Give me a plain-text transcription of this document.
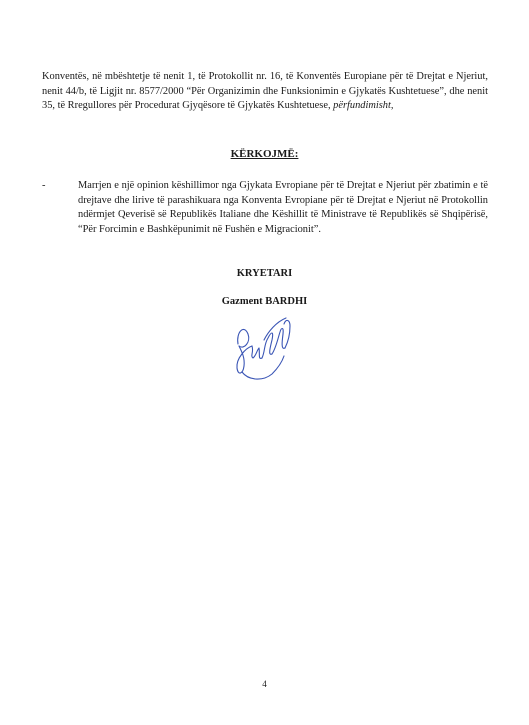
Konventës, në mbështetje të nenit 1, të Protokollit nr. 16, të Konventës Europiane për të Drejtat e Njeriut, nenit 44/b, të Ligjit nr. 8577/2000 “Për Organizimin dhe Funksionimin e Gjykatës Kushtetuese”, dhe nenit 35, të Rregullores për Procedurat Gjyqësore të Gjykatës Kushtetuese, përfundimisht,
KËRKOJMË:
-	Marrjen e një opinion këshillimor nga Gjykata Evropiane për të Drejtat e Njeriut për zbatimin e të drejtave dhe lirive të parashikuara nga Konventa Evropiane për të Drejtat e Njeriut në Protokollin ndërmjet Qeverisë së Republikës Italiane dhe Këshillit të Ministrave të Republikës së Shqipërisë, “Për Forcimin e Bashkëpunimit në Fushën e Migracionit”.
KRYETARI
Gazment BARDHI
4
